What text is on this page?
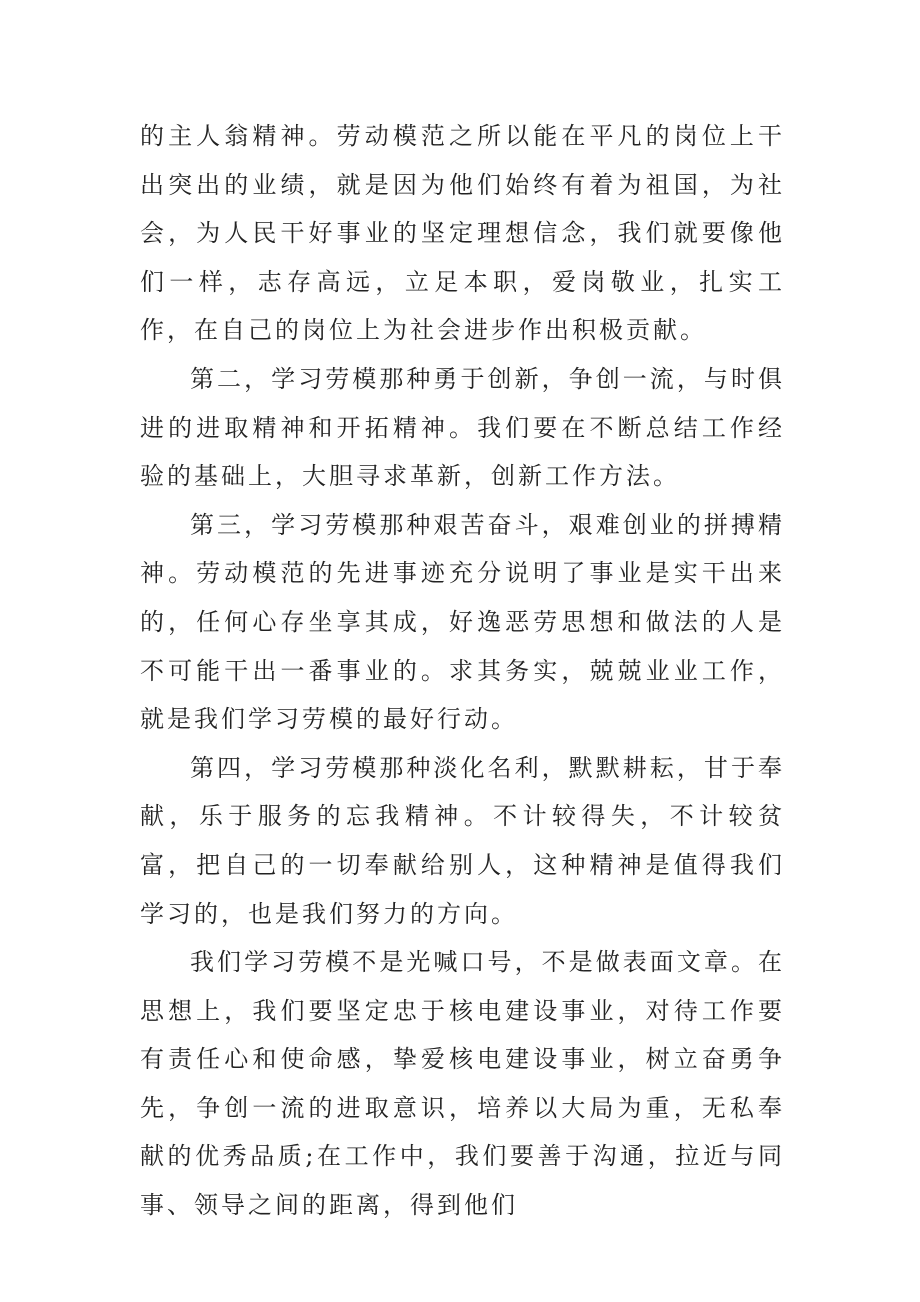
的主人翁精神。劳动模范之所以能在平凡的岗位上干出突出的业绩，就是因为他们始终有着为祖国，为社会，为人民干好事业的坚定理想信念，我们就要像他们一样，志存高远，立足本职，爱岗敬业，扎实工作，在自己的岗位上为社会进步作出积极贡献。

第二，学习劳模那种勇于创新，争创一流，与时俱进的进取精神和开拓精神。我们要在不断总结工作经验的基础上，大胆寻求革新，创新工作方法。

第三，学习劳模那种艰苦奋斗，艰难创业的拼搏精神。劳动模范的先进事迹充分说明了事业是实干出来的，任何心存坐享其成，好逸恶劳思想和做法的人是不可能干出一番事业的。求其务实，兢兢业业工作，就是我们学习劳模的最好行动。

第四，学习劳模那种淡化名利，默默耕耘，甘于奉献，乐于服务的忘我精神。不计较得失，不计较贫富，把自己的一切奉献给别人，这种精神是值得我们学习的，也是我们努力的方向。

我们学习劳模不是光喊口号，不是做表面文章。在思想上，我们要坚定忠于核电建设事业，对待工作要有责任心和使命感，挚爱核电建设事业，树立奋勇争先，争创一流的进取意识，培养以大局为重，无私奉献的优秀品质;在工作中，我们要善于沟通，拉近与同事、领导之间的距离，得到他们
